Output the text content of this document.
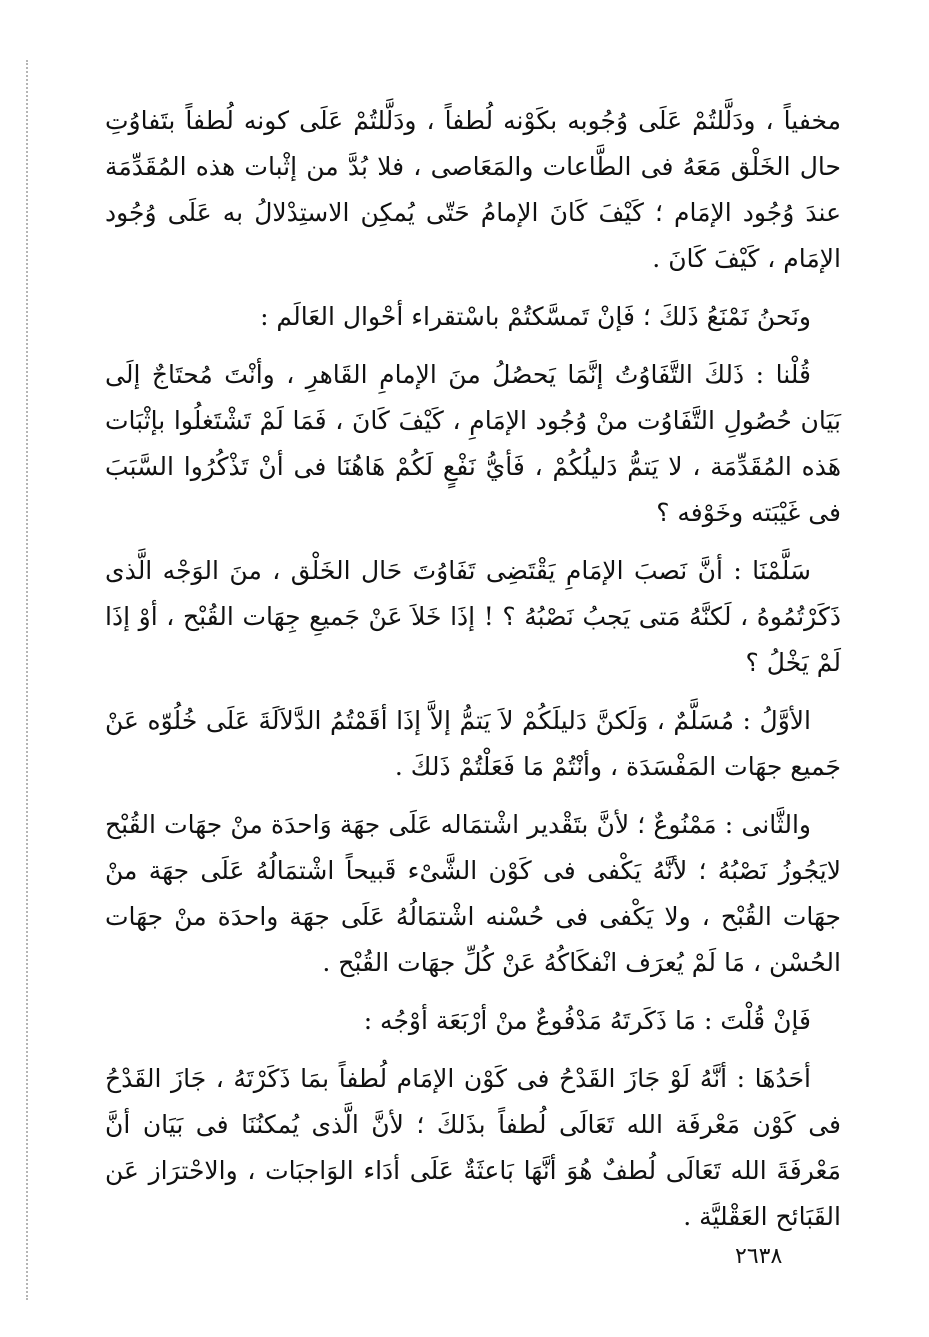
مخفياً ، ودَلَّلتُمْ عَلَى وُجُوبه بكَوْنه لُطفاً ، ودَلَّلتُمْ عَلَى كونه لُطفاً بتَفاوُتِ حال الخَلْق مَعَهُ فى الطَّاعات والمَعَاصى ، فلا بُدَّ من إثْبات هذه المُقَدِّمَة عندَ وُجُود الإمَام ؛ كَيْفَ كَانَ الإمامُ حَتّى يُمكِن الاستِدْلالُ به عَلَى وُجُود الإمَام ، كَيْفَ كَانَ .

ونَحنُ نَمْنَعُ ذَلكَ ؛ فَإنْ تَمسَّكتُمْ باسْتقراء أحْوال العَالَم :

قُلْنا : ذَلكَ التَّفَاوُتُ إنَّمَا يَحصُلُ منَ الإمامِ القَاهرِ ، وأنْتَ مُحتَاجٌ إلَى بَيَان حُصُولِ التَّفَاوُت منْ وُجُود الإمَامِ ، كَيْفَ كَانَ ، فَمَا لَمْ تَشْتَغلُوا بإثْبَات هَذه المُقَدِّمَة ، لا يَتمُّ دَليلُكُمْ ، فَأيُّ نَفْعٍ لَكُمْ هَاهُنَا فى أنْ تَذْكُرُوا السَّبَبَ فى غَيْبَته وخَوْفه ؟

سَلَّمْنَا : أنَّ نَصبَ الإمَامِ يَقْتَضِى تَفَاوُتَ حَال الخَلْق ، منَ الوَجْه الَّذى ذَكَرْتُمُوهُ ، لَكنَّهُ مَتى يَجبُ نَصْبُهُ ؟ ! إذَا خَلاَ عَنْ جَميعِ جِهَات القُبْح ، أوْ إذَا لَمْ يَخْلُ ؟

الأوَّلُ : مُسَلَّمٌ ، وَلَكنَّ دَليلَكُمْ لاَ يَتمُّ إلاَّ إذَا أقَمْتُمُ الدَّلاَلَةَ عَلَى خُلُوّه عَنْ جَميع جهَات المَفْسَدَة ، وأنْتُمْ مَا فَعَلْتُمْ ذَلكَ .

والثَّانى : مَمْنُوعٌ ؛ لأنَّ بتَقْدير اشْتمَاله عَلَى جهَة وَاحدَة منْ جهَات القُبْح لايَجُوزُ نَصْبُهُ ؛ لأنَّهُ يَكْفى فى كَوْن الشَّىْء قَبيحاً اشْتمَالُهُ عَلَى جهَة منْ جهَات القُبْح ، ولا يَكْفى فى حُسْنه اشْتمَالُهُ عَلَى جهَة واحدَة منْ جهَات الحُسْن ، مَا لَمْ يُعرَف انْفكَاكُهُ عَنْ كُلِّ جهَات القُبْح .

فَإنْ قُلْتَ : مَا ذَكَرتَهُ مَدْفُوعٌ منْ أرْبَعَة أوْجُه :

أحَدُهَا : أنَّهُ لَوْ جَازَ القَدْحُ فى كَوْن الإمَام لُطفاً بمَا ذَكَرْتَهُ ، جَازَ القَدْحُ فى كَوْن مَعْرفَة الله تَعَالَى لُطفاً بذَلكَ ؛ لأنَّ الَّذى يُمكنُنَا فى بَيَان أنَّ مَعْرفَةَ الله تَعَالَى لُطفٌ هُوَ أنَّهَا بَاعثَةٌ عَلَى أدَاء الوَاجبَات ، والاحْترَاز عَن القَبَائح العَقْليَّة .

٢٦٣٨
